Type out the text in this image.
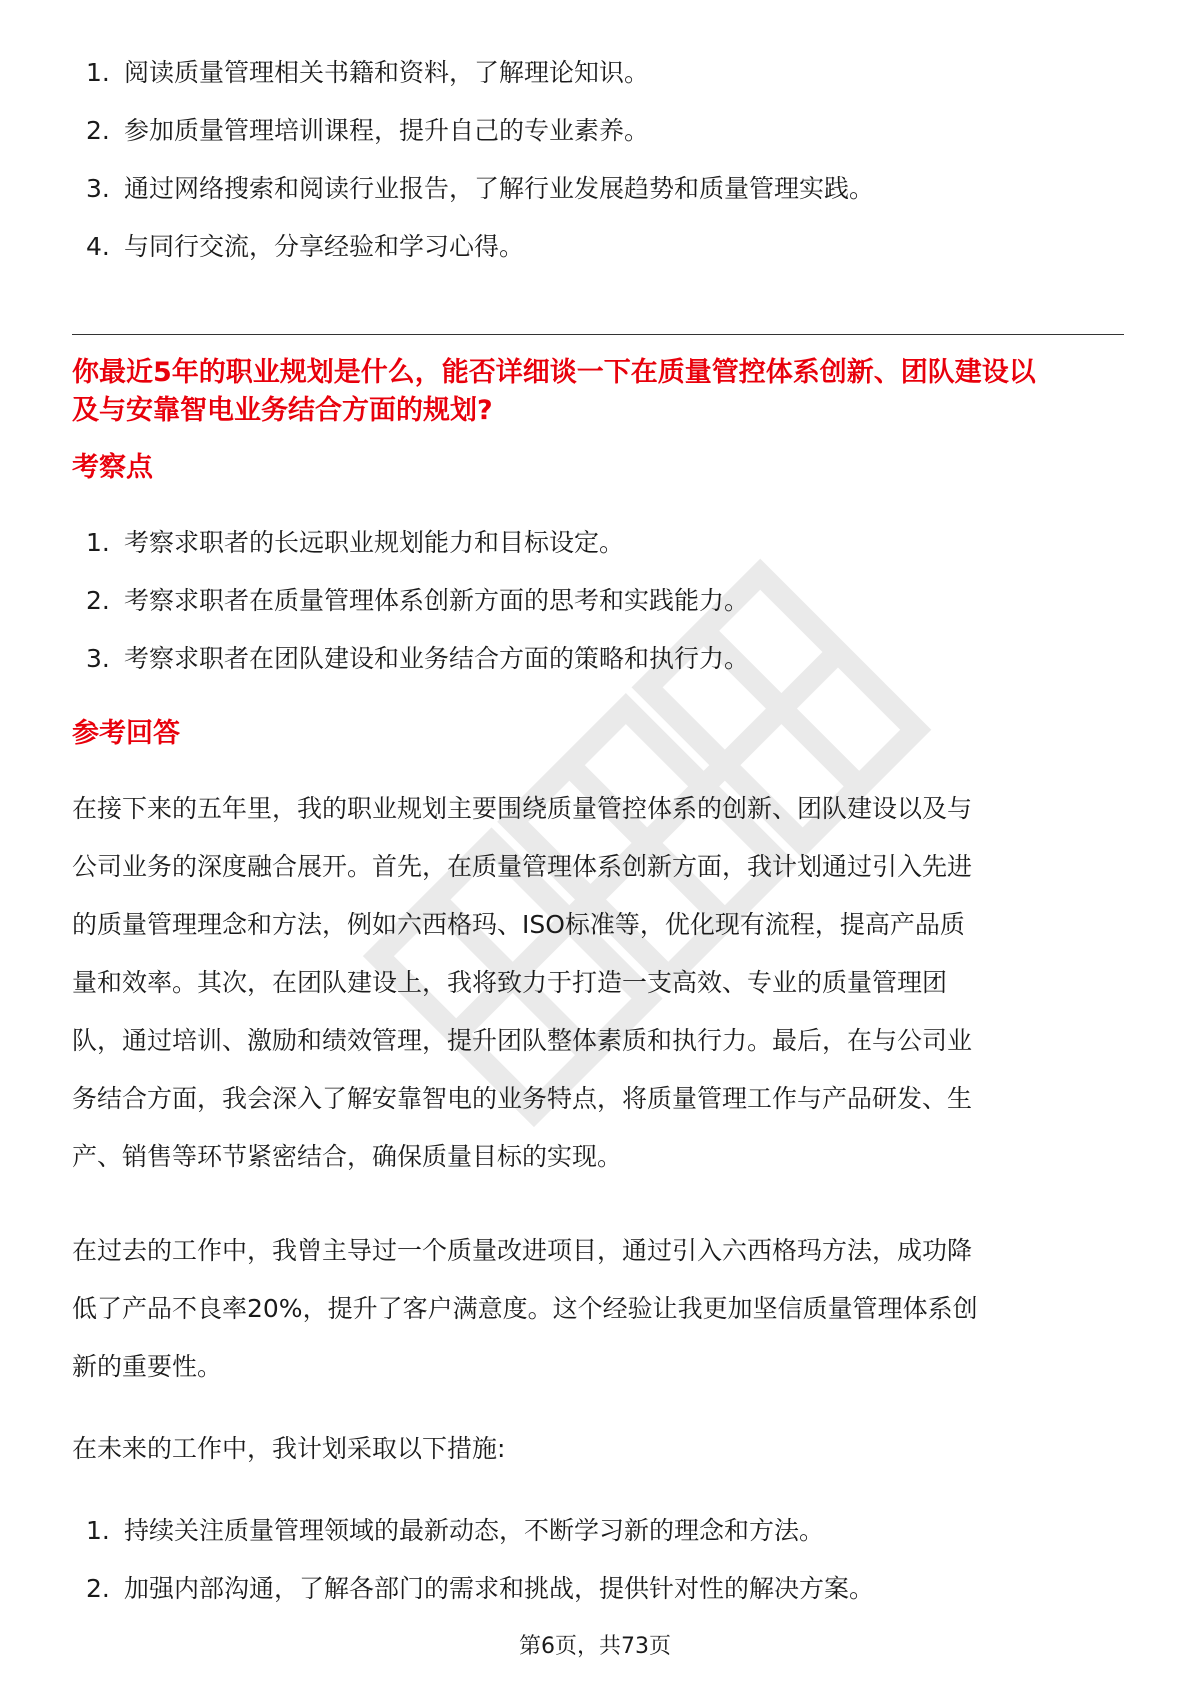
1. 阅读质量管理相关书籍和资料，了解理论知识。
2. 参加质量管理培训课程，提升自己的专业素养。
3. 通过网络搜索和阅读行业报告，了解行业发展趋势和质量管理实践。
4. 与同行交流，分享经验和学习心得。

你最近5年的职业规划是什么，能否详细谈一下在质量管控体系创新、团队建设以

及与安靠智电业务结合方面的规划?

考察点
1. 考察求职者的长远职业规划能力和目标设定。
2. 考察求职者在质量管理体系创新方面的思考和实践能力。
3. 考察求职者在团队建设和业务结合方面的策略和执行力。
参考回答

在接下来的五年里，我的职业规划主要围绕质量管控体系的创新、团队建设以及与

公司业务的深度融合展开。首先，在质量管理体系创新方面，我计划通过引入先进

的质量管理理念和方法，例如六西格玛、ISO标准等，优化现有流程，提高产品质

量和效率。其次，在团队建设上，我将致力于打造一支高效、专业的质量管理团

队，通过培训、激励和绩效管理，提升团队整体素质和执行力。最后，在与公司业

务结合方面，我会深入了解安靠智电的业务特点，将质量管理工作与产品研发、生

产、销售等环节紧密结合，确保质量目标的实现。

在过去的工作中，我曾主导过一个质量改进项目，通过引入六西格玛方法，成功降

低了产品不良率20%，提升了客户满意度。这个经验让我更加坚信质量管理体系创

新的重要性。

在未来的工作中，我计划采取以下措施:

1. 持续关注质量管理领域的最新动态，不断学习新的理念和方法。
2. 加强内部沟通，了解各部门的需求和挑战，提供针对性的解决方案。
第6页，共73页
